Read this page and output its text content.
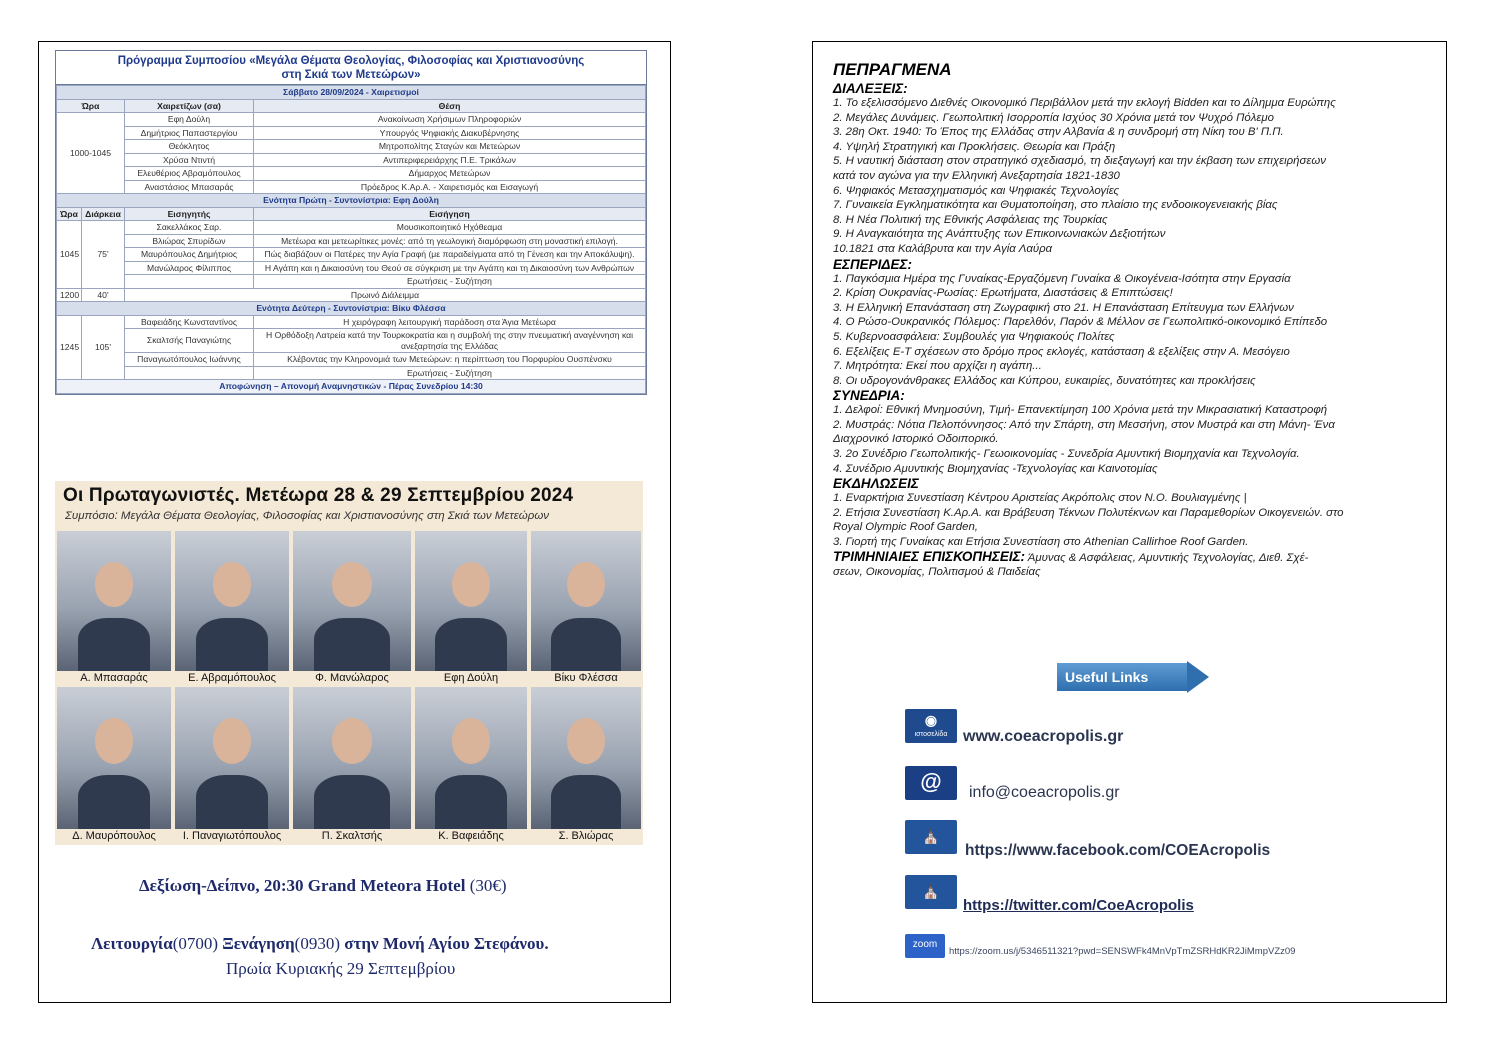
Πρόγραμμα Συμποσίου «Μεγάλα Θέματα Θεολογίας, Φιλοσοφίας και Χριστιανοσύνης
στη Σκιά των Μετεώρων»
Σάββατο 28/09/2024 - Χαιρετισμοί			
Ώρα		Χαιρετίζων (σα)	Θέση
1000-1045		Εφη Δούλη	Ανακοίνωση Χρήσιμων Πληροφοριών
		Δημήτριος Παπαστεργίου	Υπουργός Ψηφιακής Διακυβέρνησης
		Θεόκλητος	Μητροπολίτης Σταγών και Μετεώρων
		Χρύσα Ντιντή	Αντιπεριφερειάρχης Π.Ε. Τρικάλων
		Ελευθέριος Αβραμόπουλος	Δήμαρχος Μετεώρων
		Αναστάσιος Μπασαράς	Πρόεδρος Κ.Αρ.Α. - Χαιρετισμός και Εισαγωγή
Ενότητα Πρώτη - Συντονίστρια: Εφη Δούλη			
Ώρα	Διάρκεια	Εισηγητής	Εισήγηση
1045	75'	Σακελλάκος Σαρ.	Μουσικοποιητικό Ηχόθεαμα
		Βλιώρας Σπυρίδων	Μετέωρα και μετεωρίτικες μονές: από τη γεωλογική διαμόρφωση στη μοναστική επιλογή.
		Μαυρόπουλος Δημήτριος	Πώς διαβάζουν οι Πατέρες την Αγία Γραφή (με παραδείγματα από τη Γένεση και την Αποκάλυψη).
		Μανώλαρος Φίλιππος	Η Αγάπη και η Δικαιοσύνη του Θεού σε σύγκριση με την Αγάπη και τη Δικαιοσύνη των Ανθρώπων
			Ερωτήσεις - Συζήτηση
1200	40'	Πρωινό Διάλειμμα	
Ενότητα Δεύτερη - Συντονίστρια: Βίκυ Φλέσσα			
1245	105'	Βαφειάδης Κωνσταντίνος	Η χειρόγραφη λειτουργική παράδοση στα Άγια Μετέωρα
		Σκαλτσής Παναγιώτης	Η Ορθόδοξη Λατρεία κατά την Τουρκοκρατία και η συμβολή της στην πνευματική αναγέννηση και ανεξαρτησία της Ελλάδας
		Παναγιωτόπουλος Ιωάννης	Κλέβοντας την Κληρονομιά των Μετεώρων: η περίπτωση του Πορφυρίου Ουσπένσκυ
			Ερωτήσεις - Συζήτηση
Αποφώνηση – Απονομή Αναμνηστικών - Πέρας Συνεδρίου 14:30			
Οι Πρωταγωνιστές. Μετέωρα 28 & 29 Σεπτεμβρίου 2024
Συμπόσιο: Μεγάλα Θέματα Θεολογίας, Φιλοσοφίας και Χριστιανοσύνης στη Σκιά των Μετεώρων
Α. Μπασαράς	Ε. Αβραμόπουλος	Φ. Μανώλαρος	Εφη Δούλη	Βίκυ Φλέσσα
Δ. Μαυρόπουλος	Ι. Παναγιωτόπουλος	Π. Σκαλτσής	Κ. Βαφειάδης	Σ. Βλιώρας
Δεξίωση-Δείπνο, 20:30 Grand Meteora Hotel (30€)
Λειτουργία(0700) Ξενάγηση(0930) στην Μονή Αγίου Στεφάνου.
Πρωία Κυριακής 29 Σεπτεμβρίου
ΠΕΠΡΑΓΜΕΝΑ
ΔΙΑΛΕΞΕΙΣ:
1. Το εξελισσόμενο Διεθνές Οικονομικό Περιβάλλον μετά την εκλογή Bidden και το Δίλημμα Ευρώπης
2. Μεγάλες Δυνάμεις. Γεωπολιτική Ισορροπία Ισχύος 30 Χρόνια μετά τον Ψυχρό Πόλεμο
3. 28η Οκτ. 1940: Το Έπος της Ελλάδας στην Αλβανία & η συνδρομή στη Νίκη του Β' Π.Π.
4. Υψηλή Στρατηγική και Προκλήσεις. Θεωρία και Πράξη
5. Η ναυτική διάσταση στον στρατηγικό σχεδιασμό, τη διεξαγωγή και την έκβαση των επιχειρήσεων
κατά τον αγώνα για την Ελληνική Ανεξαρτησία 1821-1830
6. Ψηφιακός Μετασχηματισμός και Ψηφιακές Τεχνολογίες
7. Γυναικεία Εγκληματικότητα και Θυματοποίηση, στο πλαίσιο της ενδοοικογενειακής βίας
8. Η Νέα Πολιτική της Εθνικής Ασφάλειας της Τουρκίας
9. Η Αναγκαιότητα της Ανάπτυξης των Επικοινωνιακών Δεξιοτήτων
10.1821 στα Καλάβρυτα και την Αγία Λαύρα
ΕΣΠΕΡΙΔΕΣ:
1. Παγκόσμια Ημέρα της Γυναίκας-Εργαζόμενη Γυναίκα & Οικογένεια-Ισότητα στην Εργασία
2. Κρίση Ουκρανίας-Ρωσίας: Ερωτήματα, Διαστάσεις & Επιπτώσεις!
3. Η Ελληνική Επανάσταση στη Ζωγραφική στο 21. Η Επανάσταση Επίτευγμα των Ελλήνων
4. Ο Ρώσο-Ουκρανικός Πόλεμος: Παρελθόν, Παρόν & Μέλλον σε Γεωπολιτικό-οικονομικό Επίπεδο
5. Κυβερνοασφάλεια: Συμβουλές για Ψηφιακούς Πολίτες
6. Εξελίξεις Ε-Τ σχέσεων στο δρόμο προς εκλογές, κατάσταση & εξελίξεις στην Α. Μεσόγειο
7. Μητρότητα: Εκεί που αρχίζει η αγάπη...
8. Οι υδρογονάνθρακες Ελλάδος και Κύπρου, ευκαιρίες, δυνατότητες και προκλήσεις
ΣΥΝΕΔΡΙΑ:
1. Δελφοί: Εθνική Μνημοσύνη, Τιμή- Επανεκτίμηση 100 Χρόνια μετά την Μικρασιατική Καταστροφή
2. Μυστράς: Νότια Πελοπόννησος: Από την Σπάρτη, στη Μεσσήνη, στον Μυστρά και στη Μάνη- Ένα
Διαχρονικό Ιστορικό Οδοιπορικό.
3. 2ο Συνέδριο Γεωπολιτικής- Γεωοικονομίας - Συνεδρία Αμυντική Βιομηχανία και Τεχνολογία.
4. Συνέδριο Αμυντικής Βιομηχανίας -Τεχνολογίας και Καινοτομίας
ΕΚΔΗΛΩΣΕΙΣ
1. Εναρκτήρια Συνεστίαση Κέντρου Αριστείας Ακρόπολις στον Ν.Ο. Βουλιαγμένης |
2. Ετήσια Συνεστίαση Κ.Αρ.Α. και Βράβευση Τέκνων Πολυτέκνων και Παραμεθορίων Οικογενειών. στο
Royal Olympic Roof Garden,
3. Γιορτή της Γυναίκας και Ετήσια Συνεστίαση στο Athenian Callirhoe Roof Garden.
ΤΡΙΜΗΝΙΑΙΕΣ ΕΠΙΣΚΟΠΗΣΕΙΣ: Άμυνας & Ασφάλειας, Αμυντικής Τεχνολογίας, Διεθ. Σχέ-
σεων, Οικονομίας, Πολιτισμού & Παιδείας
Useful Links
◉
ιστοσελίδα www.coeacropolis.gr
@	info@coeacropolis.gr
⛪
https://www.facebook.com/COEAcropolis
⛪
https://twitter.com/CoeAcropolis
zoom
https://zoom.us/j/5346511321?pwd=SENSWFk4MnVpTmZSRHdKR2JiMmpVZz09
